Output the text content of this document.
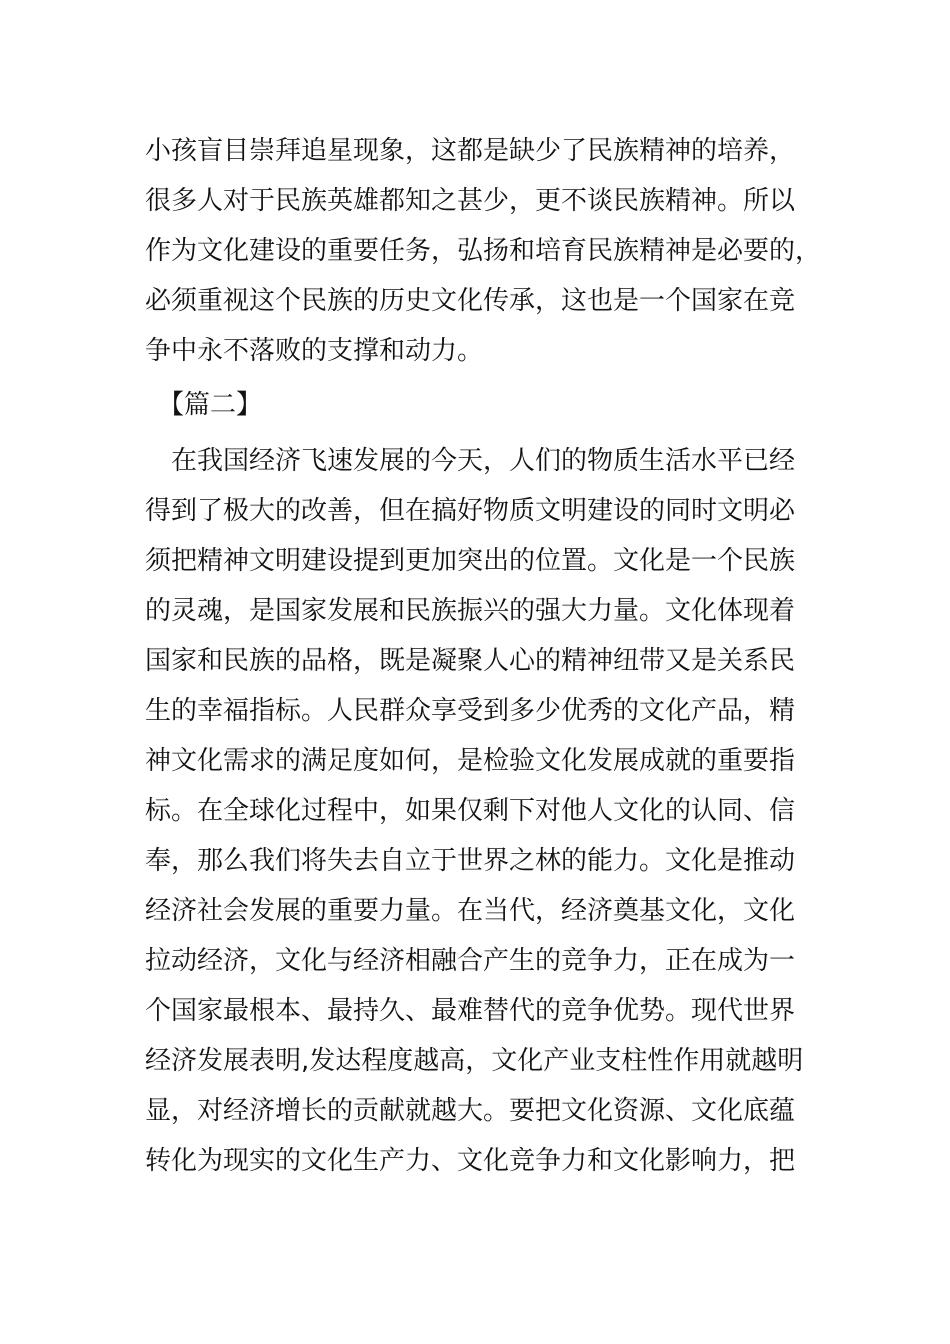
小孩盲目崇拜追星现象，这都是缺少了民族精神的培养，
很多人对于民族英雄都知之甚少，更不谈民族精神。所以
作为文化建设的重要任务，弘扬和培育民族精神是必要的，
必须重视这个民族的历史文化传承，这也是一个国家在竞
争中永不落败的支撑和动力。
　【篇二】
　在我国经济飞速发展的今天，人们的物质生活水平已经
得到了极大的改善，但在搞好物质文明建设的同时文明必
须把精神文明建设提到更加突出的位置。文化是一个民族
的灵魂，是国家发展和民族振兴的强大力量。文化体现着
国家和民族的品格，既是凝聚人心的精神纽带又是关系民
生的幸福指标。人民群众享受到多少优秀的文化产品，精
神文化需求的满足度如何，是检验文化发展成就的重要指
标。在全球化过程中，如果仅剩下对他人文化的认同、信
奉，那么我们将失去自立于世界之林的能力。文化是推动
经济社会发展的重要力量。在当代，经济奠基文化，文化
拉动经济，文化与经济相融合产生的竞争力，正在成为一
个国家最根本、最持久、最难替代的竞争优势。现代世界
经济发展表明,发达程度越高，文化产业支柱性作用就越明
显，对经济增长的贡献就越大。要把文化资源、文化底蕴
转化为现实的文化生产力、文化竞争力和文化影响力，把
